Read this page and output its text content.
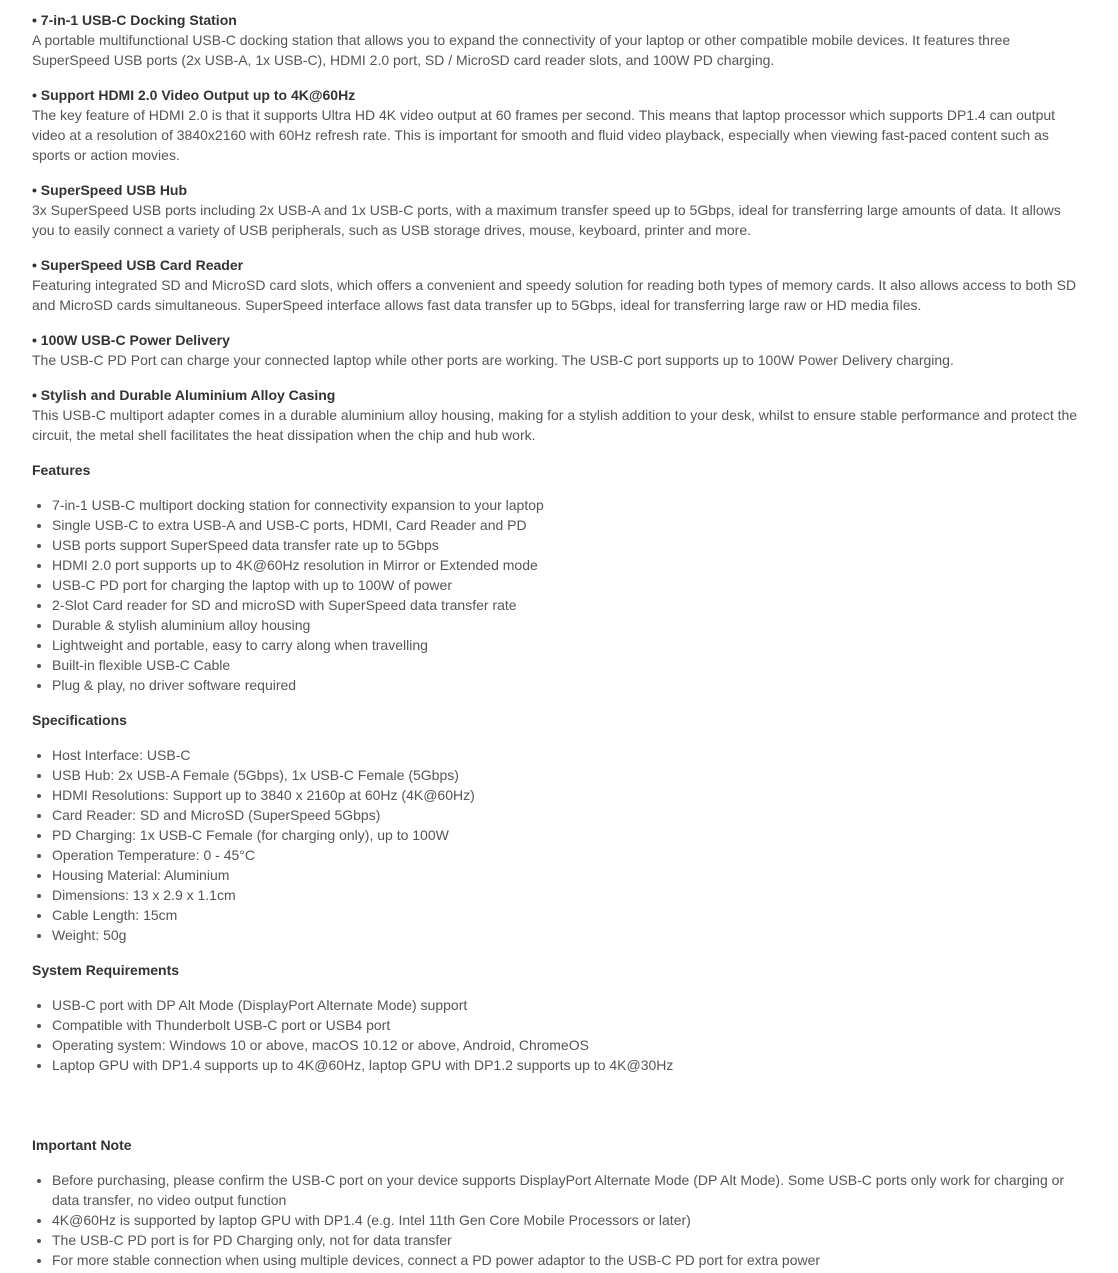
• 7-in-1 USB-C Docking Station

A portable multifunctional USB-C docking station that allows you to expand the connectivity of your laptop or other compatible mobile devices. It features three SuperSpeed USB ports (2x USB-A, 1x USB-C), HDMI 2.0 port, SD / MicroSD card reader slots, and 100W PD charging.

• Support HDMI 2.0 Video Output up to 4K@60Hz

The key feature of HDMI 2.0 is that it supports Ultra HD 4K video output at 60 frames per second. This means that laptop processor which supports DP1.4 can output video at a resolution of 3840x2160 with 60Hz refresh rate. This is important for smooth and fluid video playback, especially when viewing fast-paced content such as sports or action movies.

• SuperSpeed USB Hub

3x SuperSpeed USB ports including 2x USB-A and 1x USB-C ports, with a maximum transfer speed up to 5Gbps, ideal for transferring large amounts of data. It allows you to easily connect a variety of USB peripherals, such as USB storage drives, mouse, keyboard, printer and more.

• SuperSpeed USB Card Reader

Featuring integrated SD and MicroSD card slots, which offers a convenient and speedy solution for reading both types of memory cards. It also allows access to both SD and MicroSD cards simultaneous. SuperSpeed interface allows fast data transfer up to 5Gbps, ideal for transferring large raw or HD media files.

• 100W USB-C Power Delivery

The USB-C PD Port can charge your connected laptop while other ports are working. The USB-C port supports up to 100W Power Delivery charging.

• Stylish and Durable Aluminium Alloy Casing

This USB-C multiport adapter comes in a durable aluminium alloy housing, making for a stylish addition to your desk, whilst to ensure stable performance and protect the circuit, the metal shell facilitates the heat dissipation when the chip and hub work.

Features

• 7-in-1 USB-C multiport docking station for connectivity expansion to your laptop
• Single USB-C to extra USB-A and USB-C ports, HDMI, Card Reader and PD
• USB ports support SuperSpeed data transfer rate up to 5Gbps
• HDMI 2.0 port supports up to 4K@60Hz resolution in Mirror or Extended mode
• USB-C PD port for charging the laptop with up to 100W of power
• 2-Slot Card reader for SD and microSD with SuperSpeed data transfer rate
• Durable & stylish aluminium alloy housing
• Lightweight and portable, easy to carry along when travelling
• Built-in flexible USB-C Cable
• Plug & play, no driver software required

Specifications

• Host Interface: USB-C
• USB Hub: 2x USB-A Female (5Gbps), 1x USB-C Female (5Gbps)
• HDMI Resolutions: Support up to 3840 x 2160p at 60Hz (4K@60Hz)
• Card Reader: SD and MicroSD (SuperSpeed 5Gbps)
• PD Charging: 1x USB-C Female (for charging only), up to 100W
• Operation Temperature: 0 - 45°C
• Housing Material: Aluminium
• Dimensions: 13 x 2.9 x 1.1cm
• Cable Length: 15cm
• Weight: 50g

System Requirements

• USB-C port with DP Alt Mode (DisplayPort Alternate Mode) support
• Compatible with Thunderbolt USB-C port or USB4 port
• Operating system: Windows 10 or above, macOS 10.12 or above, Android, ChromeOS
• Laptop GPU with DP1.4 supports up to 4K@60Hz, laptop GPU with DP1.2 supports up to 4K@30Hz

Important Note

• Before purchasing, please confirm the USB-C port on your device supports DisplayPort Alternate Mode (DP Alt Mode). Some USB-C ports only work for charging or data transfer, no video output function
• 4K@60Hz is supported by laptop GPU with DP1.4 (e.g. Intel 11th Gen Core Mobile Processors or later)
• The USB-C PD port is for PD Charging only, not for data transfer
• For more stable connection when using multiple devices, connect a PD power adaptor to the USB-C PD port for extra power
